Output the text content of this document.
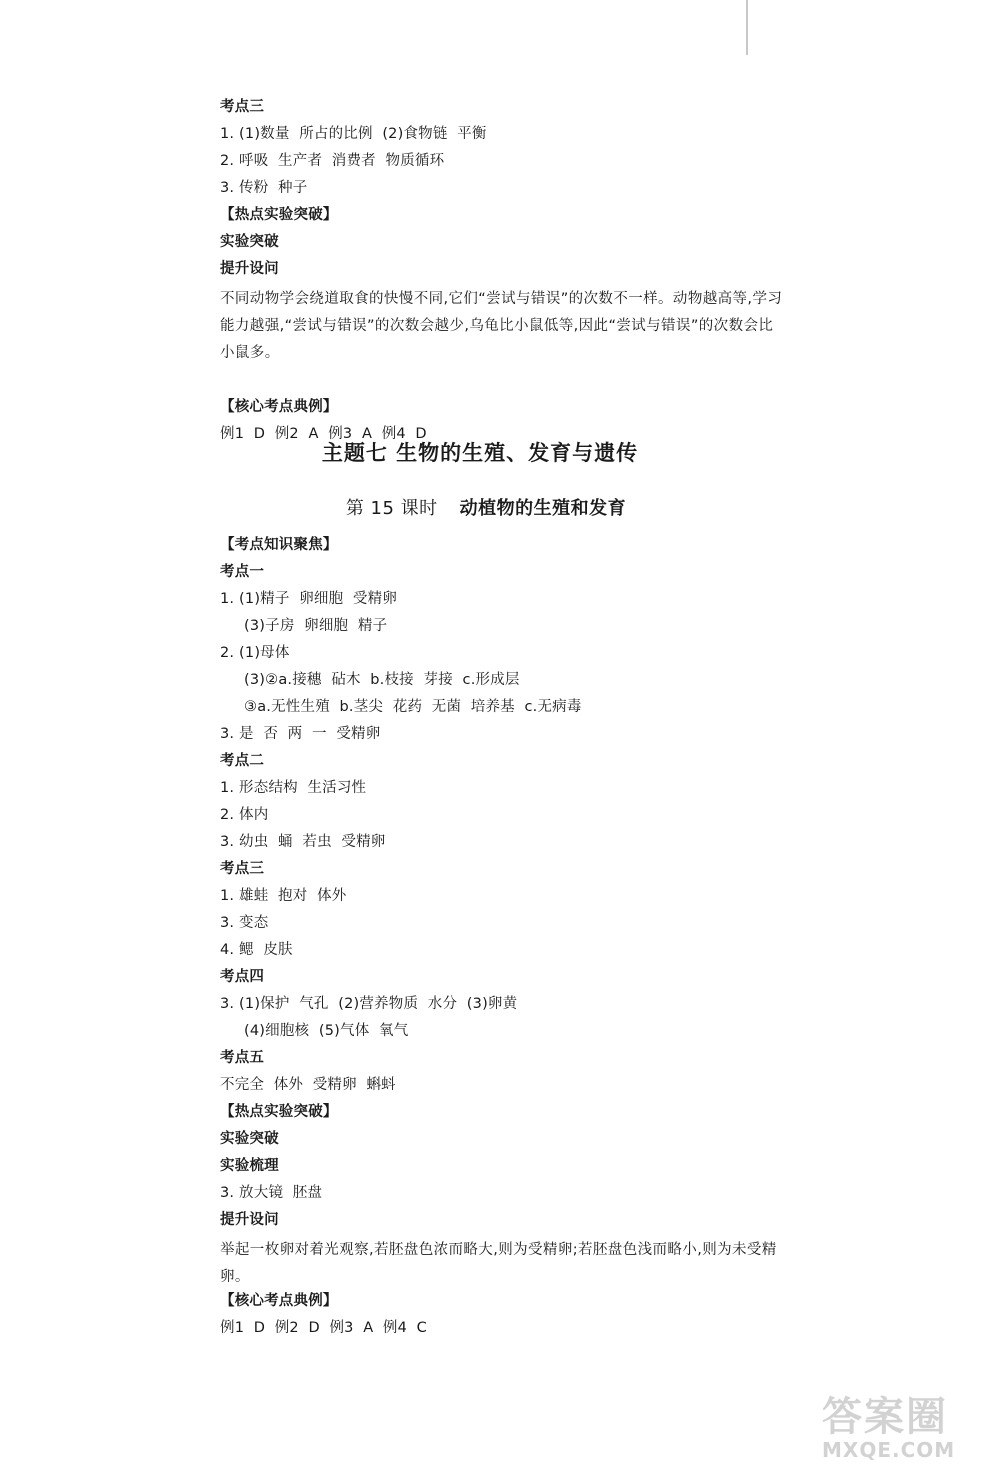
考点三
1. (1)数量  所占的比例  (2)食物链  平衡
2. 呼吸  生产者  消费者  物质循环
3. 传粉  种子
【热点实验突破】
实验突破
提升设问
不同动物学会绕道取食的快慢不同,它们“尝试与错误”的次数不一样。动物越高等,学习能力越强,“尝试与错误”的次数会越少,乌龟比小鼠低等,因此“尝试与错误”的次数会比小鼠多。
【核心考点典例】
例1  D  例2  A  例3  A  例4  D
主题七 生物的生殖、发育与遗传
第 15 课时 动植物的生殖和发育
【考点知识聚焦】
考点一
1. (1)精子  卵细胞  受精卵
(3)子房  卵细胞  精子
2. (1)母体
(3)②a.接穗  砧木  b.枝接  芽接  c.形成层
③a.无性生殖  b.茎尖  花药  无菌  培养基  c.无病毒
3. 是  否  两  一  受精卵
考点二
1. 形态结构  生活习性
2. 体内
3. 幼虫  蛹  若虫  受精卵
考点三
1. 雄蛙  抱对  体外
3. 变态
4. 鳃  皮肤
考点四
3. (1)保护  气孔  (2)营养物质  水分  (3)卵黄
(4)细胞核  (5)气体  氧气
考点五
不完全  体外  受精卵  蝌蚪
【热点实验突破】
实验突破
实验梳理
3. 放大镜  胚盘
提升设问
举起一枚卵对着光观察,若胚盘色浓而略大,则为受精卵;若胚盘色浅而略小,则为未受精卵。
【核心考点典例】
例1  D  例2  D  例3  A  例4  C
答案圈
MXQE.COM
